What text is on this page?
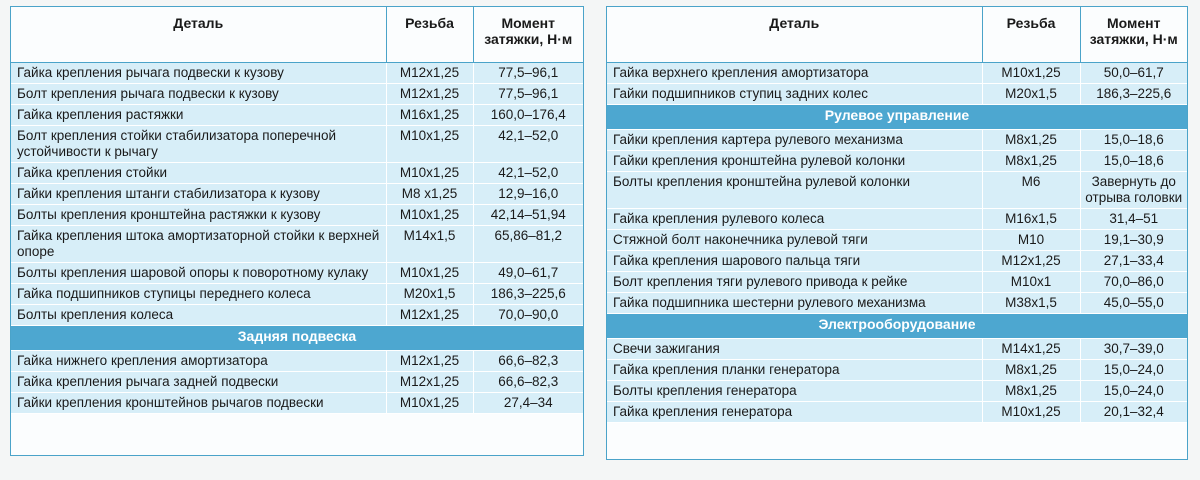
Деталь	Резьба	Момент затяжки, Н·м
Гайка крепления рычага подвески к кузову	М12х1,25	77,5–96,1
Болт крепления рычага подвески к кузову	М12х1,25	77,5–96,1
Гайка крепления растяжки	М16х1,25	160,0–176,4
Болт крепления стойки стабилизатора поперечной устойчивости к рычагу	М10х1,25	42,1–52,0
Гайка крепления стойки	М10х1,25	42,1–52,0
Гайки крепления штанги стабилизатора к кузову	М8 х1,25	12,9–16,0
Болты крепления кронштейна растяжки к кузову	М10х1,25	42,14–51,94
Гайка крепления штока амортизаторной стойки к верхней опоре	М14х1,5	65,86–81,2
Болты крепления шаровой опоры к поворотному кулаку	М10х1,25	49,0–61,7
Гайка подшипников ступицы переднего колеса	М20х1,5	186,3–225,6
Болты крепления колеса	М12х1,25	70,0–90,0
Задняя подвеска		
Гайка нижнего крепления амортизатора	М12х1,25	66,6–82,3
Гайка крепления рычага задней подвески	М12х1,25	66,6–82,3
Гайки крепления кронштейнов рычагов подвески	М10х1,25	27,4–34
Деталь	Резьба	Момент затяжки, Н·м
Гайка верхнего крепления амортизатора	М10х1,25	50,0–61,7
Гайки подшипников ступиц задних колес	М20х1,5	186,3–225,6
Рулевое управление		
Гайки крепления картера рулевого механизма	М8х1,25	15,0–18,6
Гайки крепления кронштейна рулевой колонки	М8х1,25	15,0–18,6
Болты крепления кронштейна рулевой колонки	М6	Завернуть до отрыва головки
Гайка крепления рулевого колеса	М16х1,5	31,4–51
Стяжной болт наконечника рулевой тяги	М10	19,1–30,9
Гайка крепления шарового пальца тяги	М12х1,25	27,1–33,4
Болт крепления тяги рулевого привода к рейке	М10х1	70,0–86,0
Гайка подшипника шестерни рулевого механизма	М38х1,5	45,0–55,0
Электрооборудование		
Свечи зажигания	М14х1,25	30,7–39,0
Гайка крепления планки генератора	М8х1,25	15,0–24,0
Болты крепления генератора	М8х1,25	15,0–24,0
Гайка крепления генератора	М10х1,25	20,1–32,4
